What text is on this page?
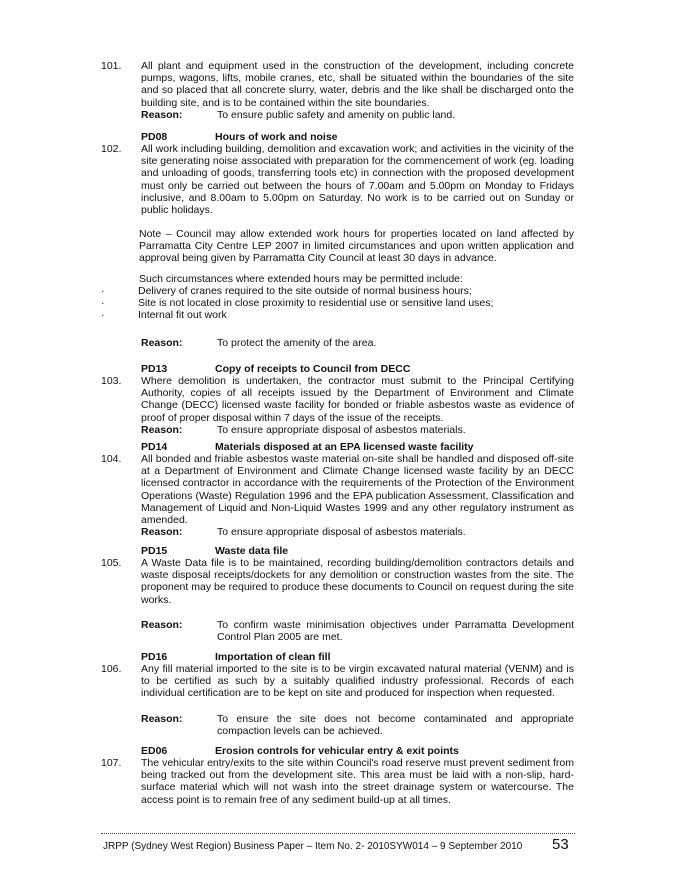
101.	All plant and equipment used in the construction of the development, including concrete pumps, wagons, lifts, mobile cranes, etc, shall be situated within the boundaries of the site and so placed that all concrete slurry, water, debris and the like shall be discharged onto the building site, and is to be contained within the site boundaries.
Reason:	To ensure public safety and amenity on public land.
PD08	Hours of work and noise
102.	All work including building, demolition and excavation work; and activities in the vicinity of the site generating noise associated with preparation for the commencement of work (eg. loading and unloading of goods, transferring tools etc) in connection with the proposed development must only be carried out between the hours of 7.00am and 5.00pm on Monday to Fridays inclusive, and 8.00am to 5.00pm on Saturday. No work is to be carried out on Sunday or public holidays.
Note – Council may allow extended work hours for properties located on land affected by Parramatta City Centre LEP 2007 in limited circumstances and upon written application and approval being given by Parramatta City Council at least 30 days in advance.
Such circumstances where extended hours may be permitted include:
·	Delivery of cranes required to the site outside of normal business hours;
·	Site is not located in close proximity to residential use or sensitive land uses;
·	Internal fit out work
Reason:	To protect the amenity of the area.
PD13	Copy of receipts to Council from DECC
103.	Where demolition is undertaken, the contractor must submit to the Principal Certifying Authority, copies of all receipts issued by the Department of Environment and Climate Change (DECC) licensed waste facility for bonded or friable asbestos waste as evidence of proof of proper disposal within 7 days of the issue of the receipts.
Reason:	To ensure appropriate disposal of asbestos materials.
PD14	Materials disposed at an EPA licensed waste facility
104.	All bonded and friable asbestos waste material on-site shall be handled and disposed off-site at a Department of Environment and Climate Change licensed waste facility by an DECC licensed contractor in accordance with the requirements of the Protection of the Environment Operations (Waste) Regulation 1996 and the EPA publication Assessment, Classification and Management of Liquid and Non-Liquid Wastes 1999 and any other regulatory instrument as amended.
Reason:	To ensure appropriate disposal of asbestos materials.
PD15	Waste data file
105.	A Waste Data file is to be maintained, recording building/demolition contractors details and waste disposal receipts/dockets for any demolition or construction wastes from the site. The proponent may be required to produce these documents to Council on request during the site works.
Reason:	To confirm waste minimisation objectives under Parramatta Development Control Plan 2005 are met.
PD16	Importation of clean fill
106.	Any fill material imported to the site is to be virgin excavated natural material (VENM) and is to be certified as such by a suitably qualified industry professional. Records of each individual certification are to be kept on site and produced for inspection when requested.
Reason:	To ensure the site does not become contaminated and appropriate compaction levels can be achieved.
ED06	Erosion controls for vehicular entry & exit points
107.	The vehicular entry/exits to the site within Council's road reserve must prevent sediment from being tracked out from the development site. This area must be laid with a non-slip, hard-surface material which will not wash into the street drainage system or watercourse. The access point is to remain free of any sediment build-up at all times.
JRPP (Sydney West Region) Business Paper – Item No. 2- 2010SYW014 – 9 September 2010 53
